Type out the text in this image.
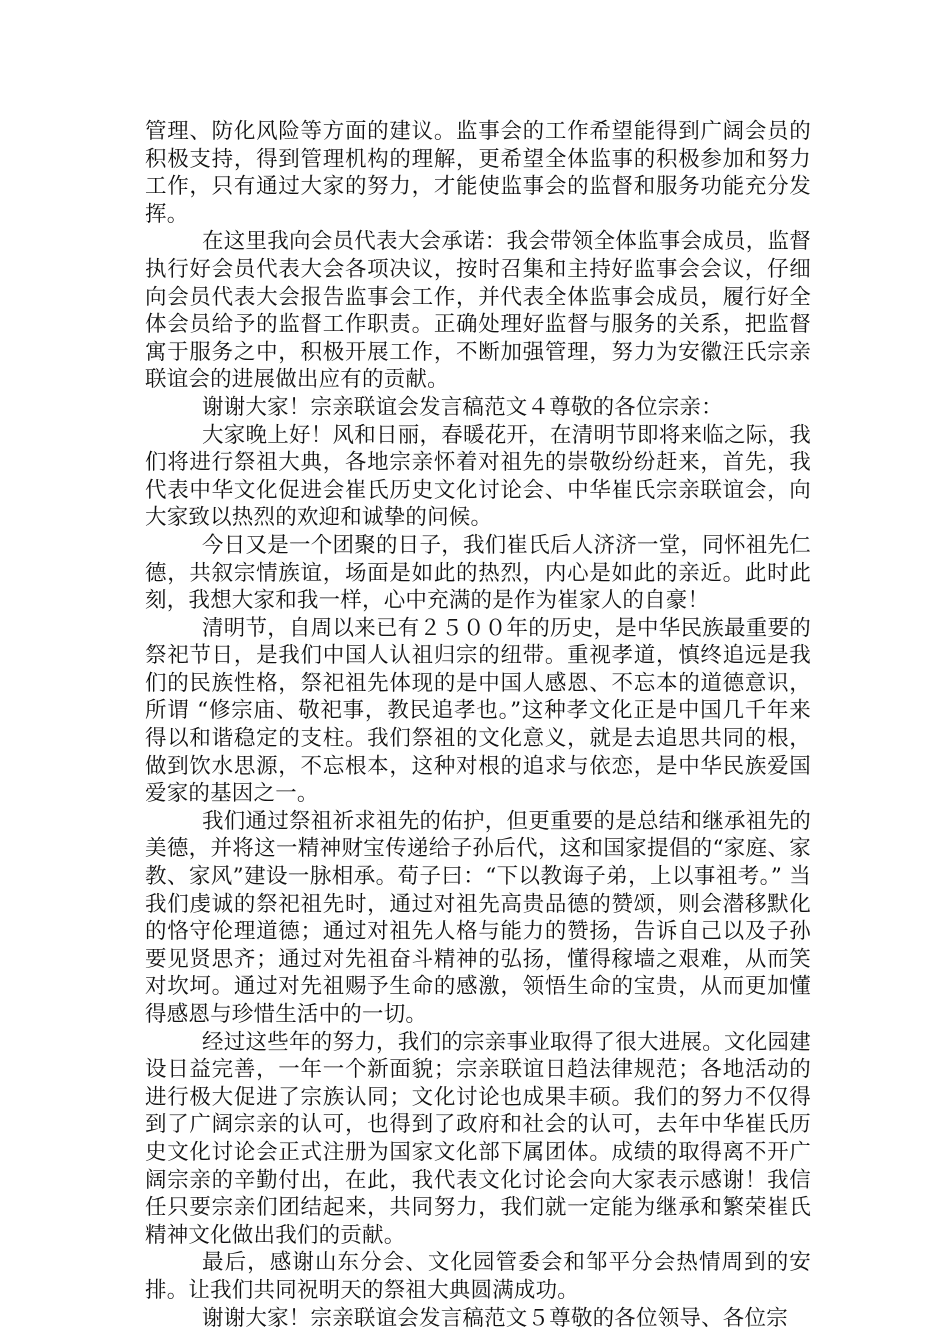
管理、防化风险等方面的建议。监事会的工作希望能得到广阔会员的积极支持，得到管理机构的理解，更希望全体监事的积极参加和努力工作，只有通过大家的努力，才能使监事会的监督和服务功能充分发挥。

在这里我向会员代表大会承诺：我会带领全体监事会成员，监督执行好会员代表大会各项决议，按时召集和主持好监事会会议，仔细向会员代表大会报告监事会工作，并代表全体监事会成员，履行好全体会员给予的监督工作职责。正确处理好监督与服务的关系，把监督寓于服务之中，积极开展工作，不断加强管理，努力为安徽汪氏宗亲联谊会的进展做出应有的贡献。

谢谢大家！宗亲联谊会发言稿范文４尊敬的各位宗亲：

大家晚上好！风和日丽，春暖花开，在清明节即将来临之际，我们将进行祭祖大典，各地宗亲怀着对祖先的崇敬纷纷赶来，首先，我代表中华文化促进会崔氏历史文化讨论会、中华崔氏宗亲联谊会，向大家致以热烈的欢迎和诚挚的问候。

今日又是一个团聚的日子，我们崔氏后人济济一堂，同怀祖先仁德，共叙宗情族谊，场面是如此的热烈，内心是如此的亲近。此时此刻，我想大家和我一样，心中充满的是作为崔家人的自豪！

清明节，自周以来已有２５００年的历史，是中华民族最重要的祭祀节日，是我们中国人认祖归宗的纽带。重视孝道，慎终追远是我们的民族性格，祭祀祖先体现的是中国人感恩、不忘本的道德意识，所谓 “修宗庙、敬祀事，教民追孝也。”这种孝文化正是中国几千年来得以和谐稳定的支柱。我们祭祖的文化意义，就是去追思共同的根，做到饮水思源，不忘根本，这种对根的追求与依恋，是中华民族爱国爱家的基因之一。

我们通过祭祖祈求祖先的佑护，但更重要的是总结和继承祖先的美德，并将这一精神财宝传递给子孙后代，这和国家提倡的“家庭、家教、家风”建设一脉相承。荀子曰：“下以教诲子弟，上以事祖考。” 当我们虔诚的祭祀祖先时，通过对祖先高贵品德的赞颂，则会潜移默化的恪守伦理道德；通过对祖先人格与能力的赞扬，告诉自己以及子孙要见贤思齐；通过对先祖奋斗精神的弘扬，懂得稼墙之艰难，从而笑对坎坷。通过对先祖赐予生命的感激，领悟生命的宝贵，从而更加懂得感恩与珍惜生活中的一切。

经过这些年的努力，我们的宗亲事业取得了很大进展。文化园建设日益完善，一年一个新面貌；宗亲联谊日趋法律规范；各地活动的进行极大促进了宗族认同；文化讨论也成果丰硕。我们的努力不仅得到了广阔宗亲的认可，也得到了政府和社会的认可，去年中华崔氏历史文化讨论会正式注册为国家文化部下属团体。成绩的取得离不开广阔宗亲的辛勤付出，在此，我代表文化讨论会向大家表示感谢！我信任只要宗亲们团结起来，共同努力，我们就一定能为继承和繁荣崔氏精神文化做出我们的贡献。

最后，感谢山东分会、文化园管委会和邹平分会热情周到的安排。让我们共同祝明天的祭祖大典圆满成功。

谢谢大家！宗亲联谊会发言稿范文５尊敬的各位领导、各位宗
